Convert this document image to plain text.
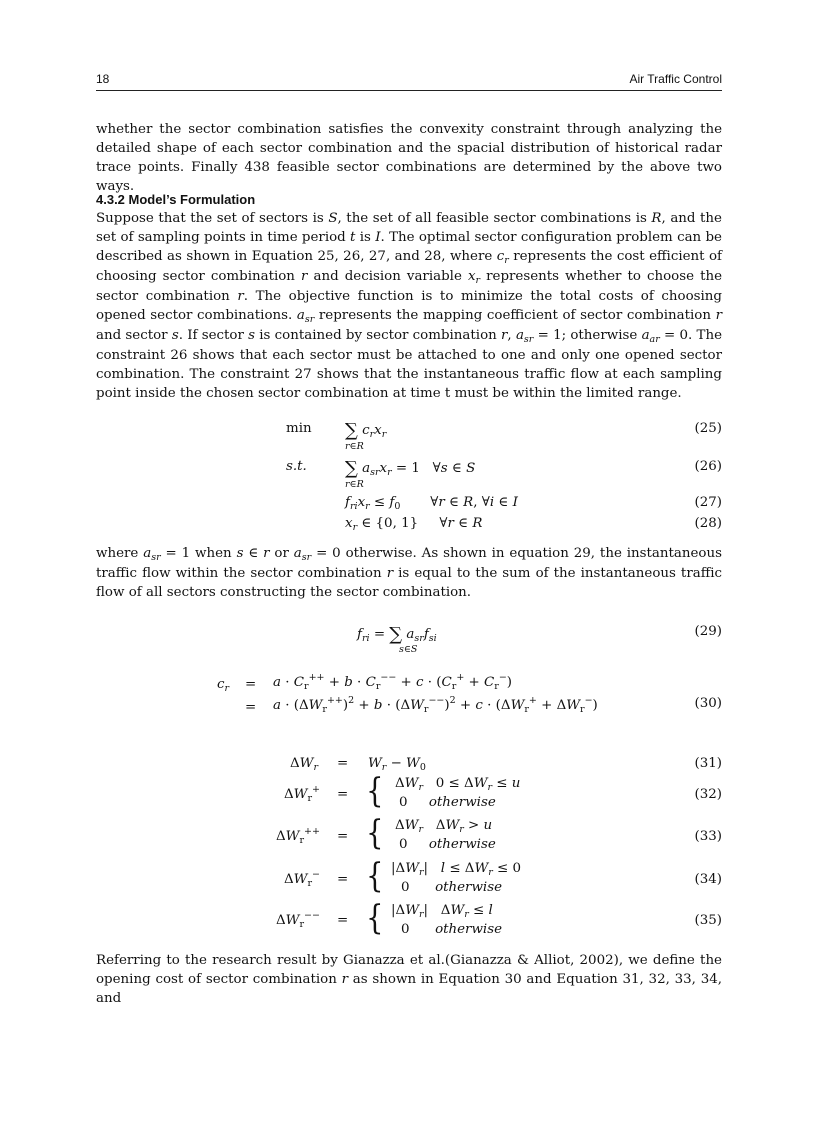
18	Air Traffic Control
whether the sector combination satisfies the convexity constraint through analyzing the detailed shape of each sector combination and the spacial distribution of historical radar trace points. Finally 438 feasible sector combinations are determined by the above two ways.
4.3.2 Model’s Formulation
Suppose that the set of sectors is S, the set of all feasible sector combinations is R, and the set of sampling points in time period t is I. The optimal sector configuration problem can be described as shown in Equation 25, 26, 27, and 28, where $c_r$ represents the cost efficient of choosing sector combination r and decision variable $x_r$ represents whether to choose the sector combination r. The objective function is to minimize the total costs of choosing opened sector combinations. $a_{sr}$ represents the mapping coefficient of sector combination r and sector s. If sector s is contained by sector combination r, $a_{sr} = 1$; otherwise $a_{ar} = 0$. The constraint 26 shows that each sector must be attached to one and only one opened sector combination. The constraint 27 shows that the instantaneous traffic flow at each sampling point inside the chosen sector combination at time t must be within the limited range.
min ∑ $c_rx_r$
r∈R
(25)
s.t. ∑ $a_{sr}x_r = 1$   ∀s ∈ S
r∈R
(26)
$f_{ri}x_r \le f_0$       ∀r ∈ R, ∀i ∈ I	(27)
$x_r$ ∈ {0, 1}     ∀r ∈ R	(28)
where $a_{sr} = 1$ when s ∈ r or $a_{sr} = 0$ otherwise. As shown in equation 29, the instantaneous traffic flow within the sector combination r is equal to the sum of the instantaneous traffic flow of all sectors constructing the sector combination.
$f_{ri}$ = ∑ $a_{sr}f_{si}$
s∈S
(29)
$c_r = a \cdot C_r^{++} + b \cdot C_r^{--} + c \cdot (C_r^+ + C_r^-)$
= $a \cdot (\Delta W_r^{++})^2 + b \cdot (\Delta W_r^{--})^2 + c \cdot (\Delta W_r^+ + \Delta W_r^-)$	(30)
$\Delta W_r = W_r - W_0$	(31)
$\Delta W_r^+$ = { $\Delta W_r$   $0 \le \Delta W_r \le u$
0     otherwise
(32)
$\Delta W_r^{++}$ = { $\Delta W_r$   $\Delta W_r > u$
0     otherwise
(33)
$\Delta W_r^-$ = { $|\Delta W_r|$   $l \le \Delta W_r \le 0$
0      otherwise
(34)
$\Delta W_r^{--}$ = { $|\Delta W_r|$   $\Delta W_r \le l$
0      otherwise
(35)
Referring to the research result by Gianazza et al.(Gianazza & Alliot, 2002), we define the opening cost of sector combination r as shown in Equation 30 and Equation 31, 32, 33, 34, and
